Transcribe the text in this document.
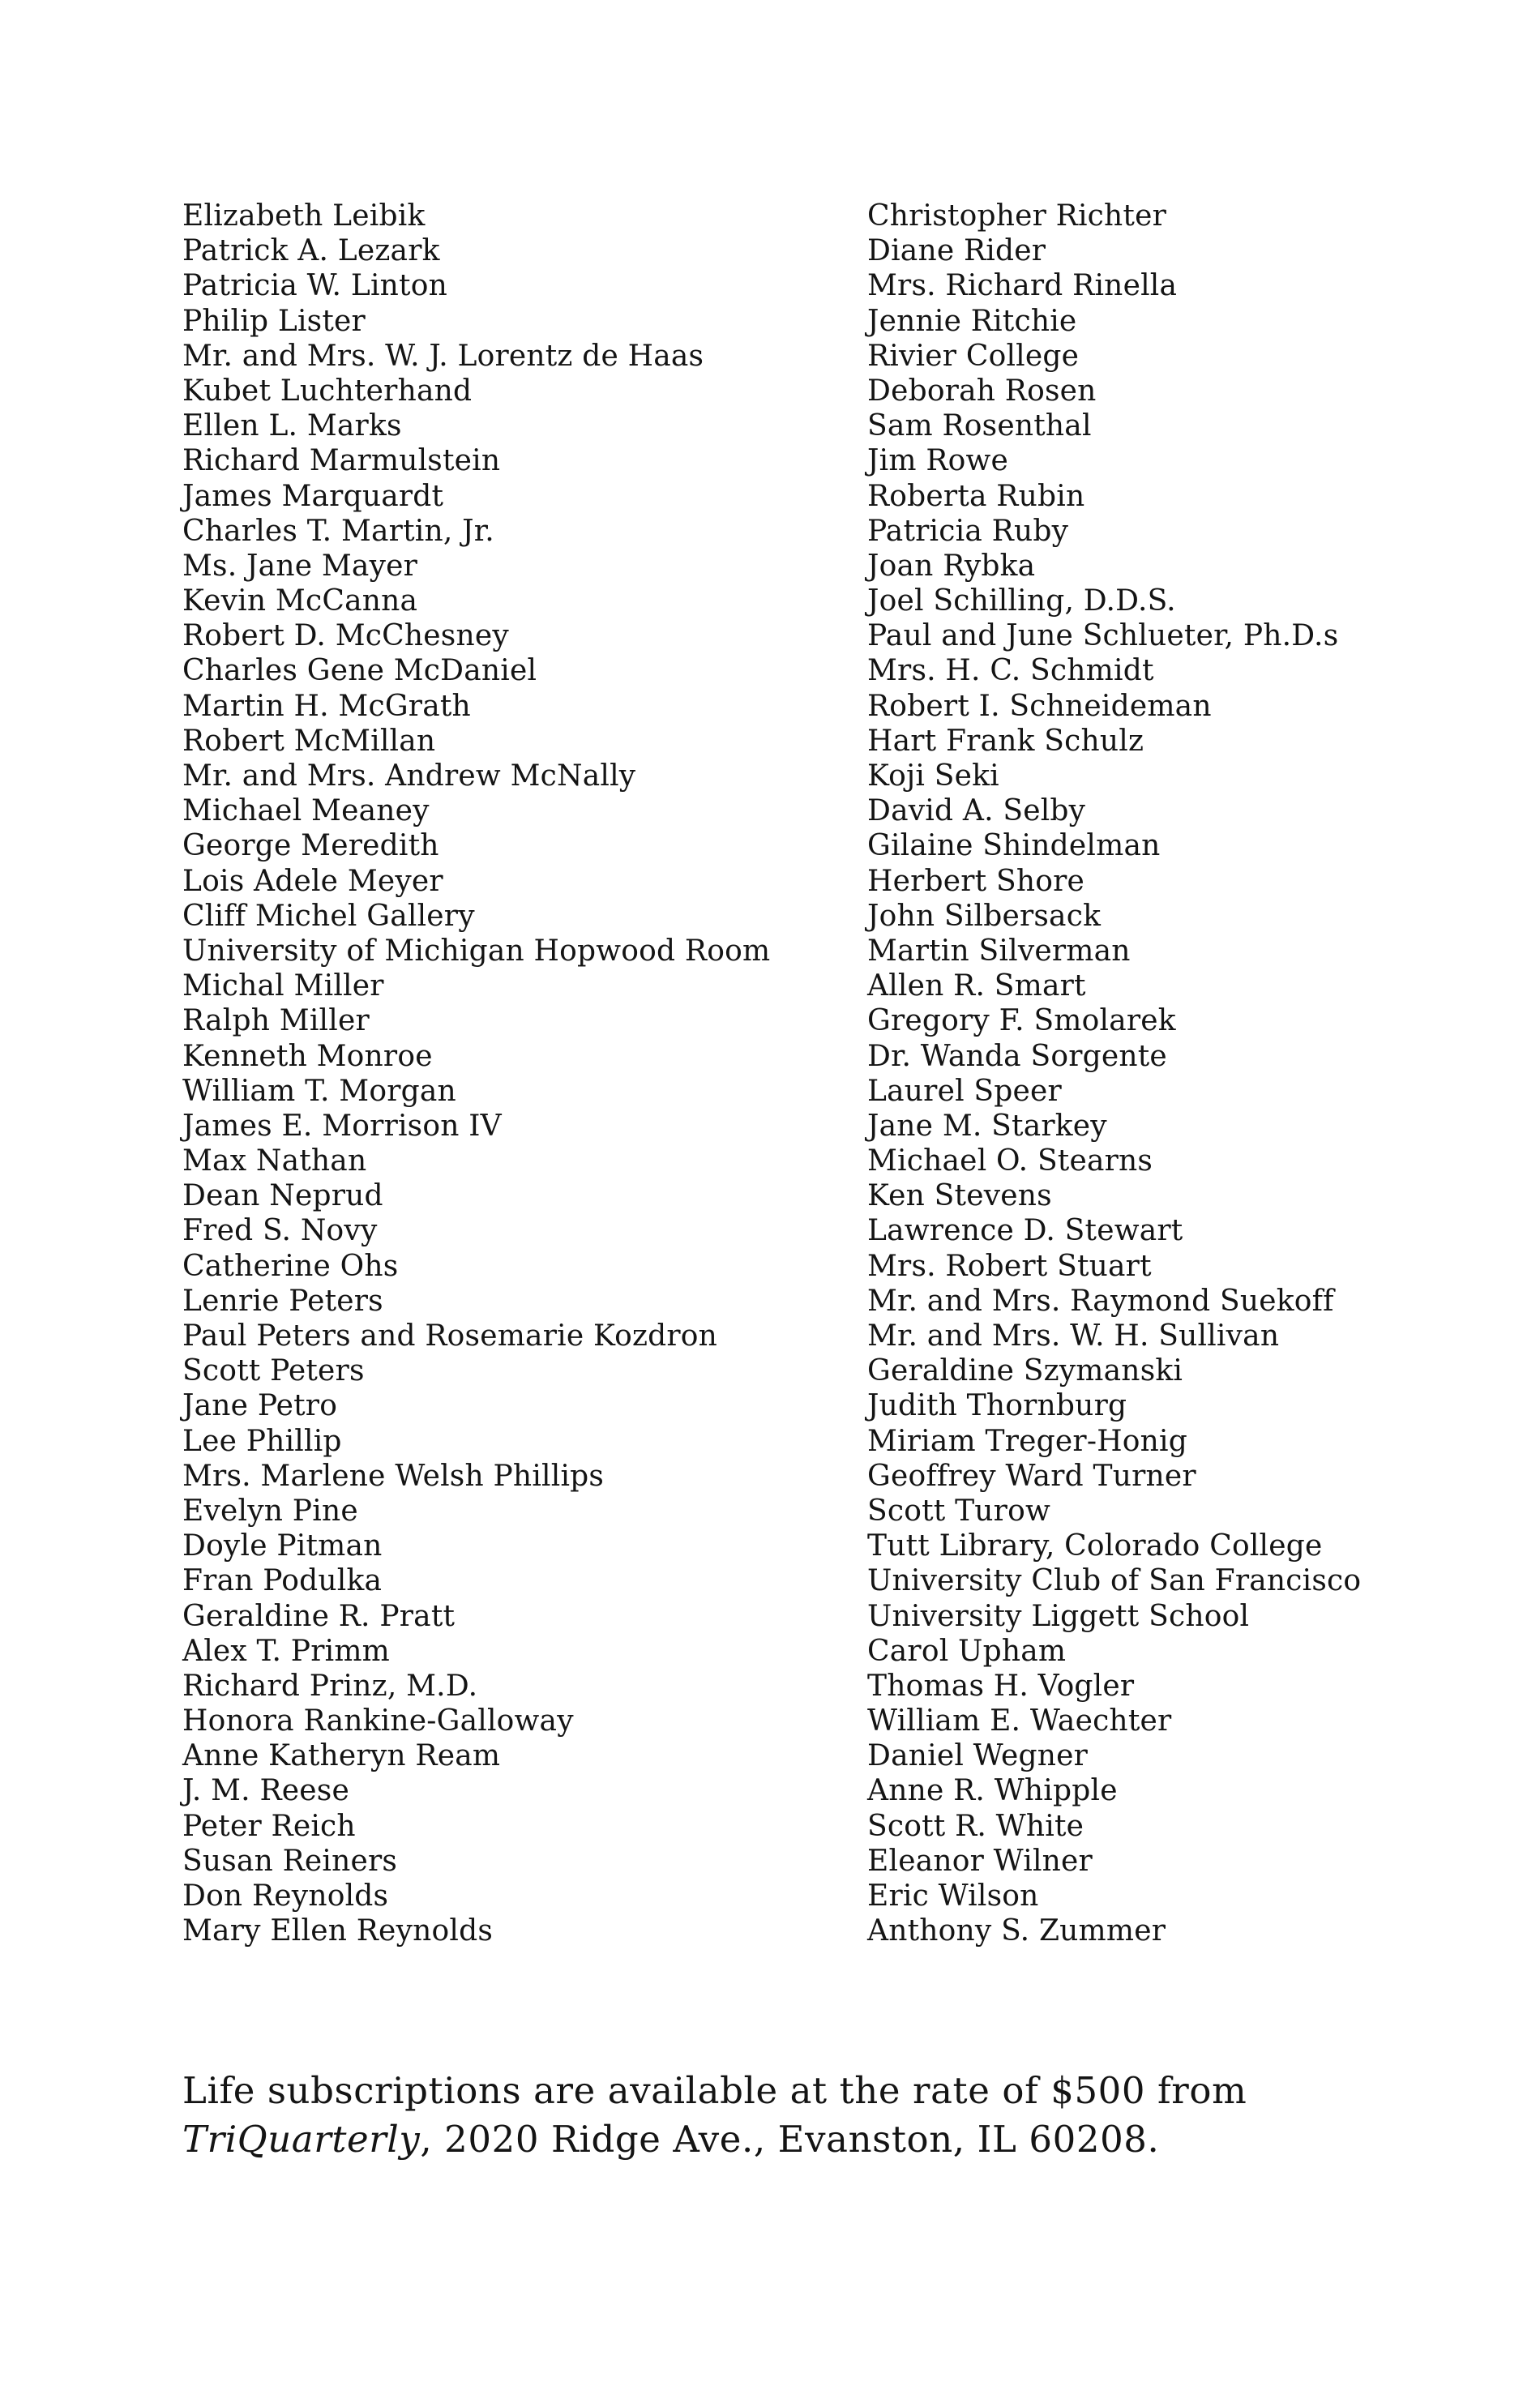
Elizabeth Leibik
Patrick A. Lezark
Patricia W. Linton
Philip Lister
Mr. and Mrs. W. J. Lorentz de Haas
Kubet Luchterhand
Ellen L. Marks
Richard Marmulstein
James Marquardt
Charles T. Martin, Jr.
Ms. Jane Mayer
Kevin McCanna
Robert D. McChesney
Charles Gene McDaniel
Martin H. McGrath
Robert McMillan
Mr. and Mrs. Andrew McNally
Michael Meaney
George Meredith
Lois Adele Meyer
Cliff Michel Gallery
University of Michigan Hopwood Room
Michal Miller
Ralph Miller
Kenneth Monroe
William T. Morgan
James E. Morrison IV
Max Nathan
Dean Neprud
Fred S. Novy
Catherine Ohs
Lenrie Peters
Paul Peters and Rosemarie Kozdron
Scott Peters
Jane Petro
Lee Phillip
Mrs. Marlene Welsh Phillips
Evelyn Pine
Doyle Pitman
Fran Podulka
Geraldine R. Pratt
Alex T. Primm
Richard Prinz, M.D.
Honora Rankine-Galloway
Anne Katheryn Ream
J. M. Reese
Peter Reich
Susan Reiners
Don Reynolds
Mary Ellen Reynolds
Christopher Richter
Diane Rider
Mrs. Richard Rinella
Jennie Ritchie
Rivier College
Deborah Rosen
Sam Rosenthal
Jim Rowe
Roberta Rubin
Patricia Ruby
Joan Rybka
Joel Schilling, D.D.S.
Paul and June Schlueter, Ph.D.s
Mrs. H. C. Schmidt
Robert I. Schneideman
Hart Frank Schulz
Koji Seki
David A. Selby
Gilaine Shindelman
Herbert Shore
John Silbersack
Martin Silverman
Allen R. Smart
Gregory F. Smolarek
Dr. Wanda Sorgente
Laurel Speer
Jane M. Starkey
Michael O. Stearns
Ken Stevens
Lawrence D. Stewart
Mrs. Robert Stuart
Mr. and Mrs. Raymond Suekoff
Mr. and Mrs. W. H. Sullivan
Geraldine Szymanski
Judith Thornburg
Miriam Treger-Honig
Geoffrey Ward Turner
Scott Turow
Tutt Library, Colorado College
University Club of San Francisco
University Liggett School
Carol Upham
Thomas H. Vogler
William E. Waechter
Daniel Wegner
Anne R. Whipple
Scott R. White
Eleanor Wilner
Eric Wilson
Anthony S. Zummer

Life subscriptions are available at the rate of $500 from
TriQuarterly, 2020 Ridge Ave., Evanston, IL 60208.
